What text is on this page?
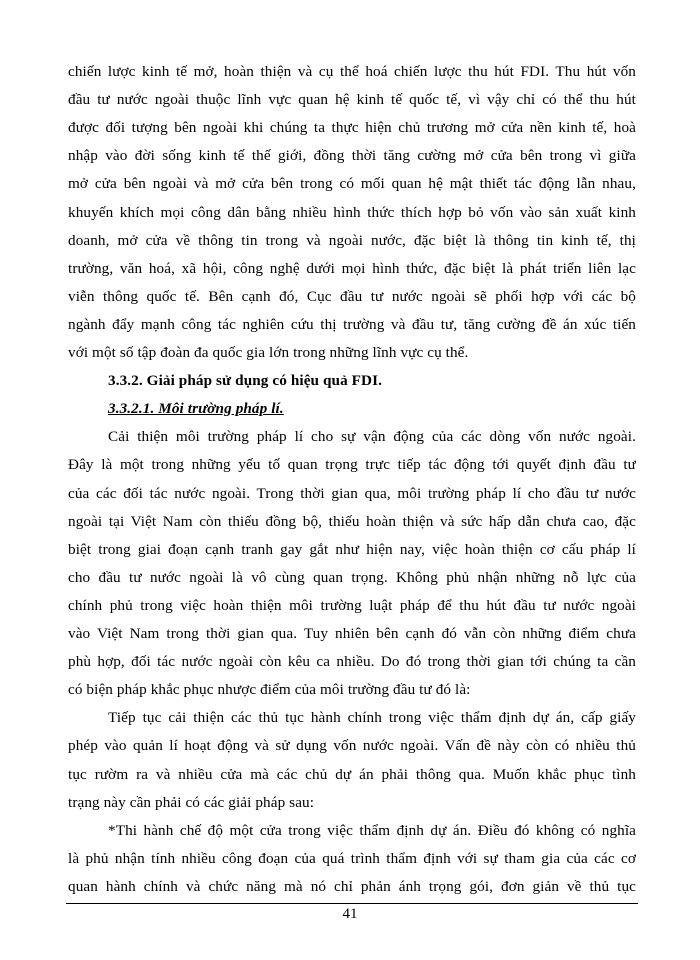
chiến lược kinh tế mở, hoàn thiện và cụ thể hoá chiến lược thu hút FDI. Thu hút vốn
đầu tư nước ngoài thuộc lĩnh vực quan hệ kinh tế quốc tế, vì vậy chỉ có thể thu hút
được đối tượng bên ngoài khi chúng ta thực hiện chủ trương mở cửa nền kinh tế, hoà
nhập vào đời sống kinh tế thế giới, đồng thời tăng cường mở cửa bên trong vì giữa
mở cửa bên ngoài và mở cửa bên trong có mối quan hệ mật thiết tác động lẫn nhau,
khuyến khích mọi công dân bằng nhiều hình thức thích hợp bỏ vốn vào sản xuất kinh
doanh, mở cửa về thông tin trong và ngoài nước, đặc biệt là thông tin kinh tế, thị
trường, văn hoá, xã hội, công nghệ dưới mọi hình thức, đặc biệt là phát triển liên lạc
viễn thông quốc tế. Bên cạnh đó, Cục đầu tư nước ngoài sẽ phối hợp với các bộ
ngành đẩy mạnh công tác nghiên cứu thị trường và đầu tư, tăng cường đề án xúc tiến
với một số tập đoàn đa quốc gia lớn trong những lĩnh vực cụ thể.
3.3.2. Giải pháp sử dụng có hiệu quả FDI.
3.3.2.1. Môi trường pháp lí.
Cải thiện môi trường pháp lí cho sự vận động của các dòng vốn nước ngoài.
Đây là một trong những yếu tố quan trọng trực tiếp tác động tới quyết định đầu tư
của các đối tác nước ngoài. Trong thời gian qua, môi trường pháp lí cho đầu tư nước
ngoài tại Việt Nam còn thiếu đồng bộ, thiếu hoàn thiện và sức hấp dẫn chưa cao, đặc
biệt trong giai đoạn cạnh tranh gay gắt như hiện nay, việc hoàn thiện cơ cấu pháp lí
cho đầu tư nước ngoài là vô cùng quan trọng. Không phủ nhận những nỗ lực của
chính phủ trong việc hoàn thiện môi trường luật pháp để thu hút đầu tư nước ngoài
vào Việt Nam trong thời gian qua. Tuy nhiên bên cạnh đó vẫn còn những điểm chưa
phù hợp, đối tác nước ngoài còn kêu ca nhiều. Do đó trong thời gian tới chúng ta cần
có biện pháp khắc phục nhược điểm của môi trường đầu tư đó là:
Tiếp tục cải thiện các thủ tục hành chính trong việc thẩm định dự án, cấp giấy
phép vào quản lí hoạt động và sử dụng vốn nước ngoài. Vấn đề này còn có nhiều thủ
tục rườm ra và nhiều cửa mà các chủ dự án phải thông qua. Muốn khắc phục tình
trạng này cần phải có các giải pháp sau:
*Thi hành chế độ một cửa trong việc thẩm định dự án. Điều đó không có nghĩa
là phủ nhận tính nhiều công đoạn của quá trình thẩm định với sự tham gia của các cơ
quan hành chính và chức năng mà nó chỉ phản ánh trọng gói, đơn giản về thủ tục
41
